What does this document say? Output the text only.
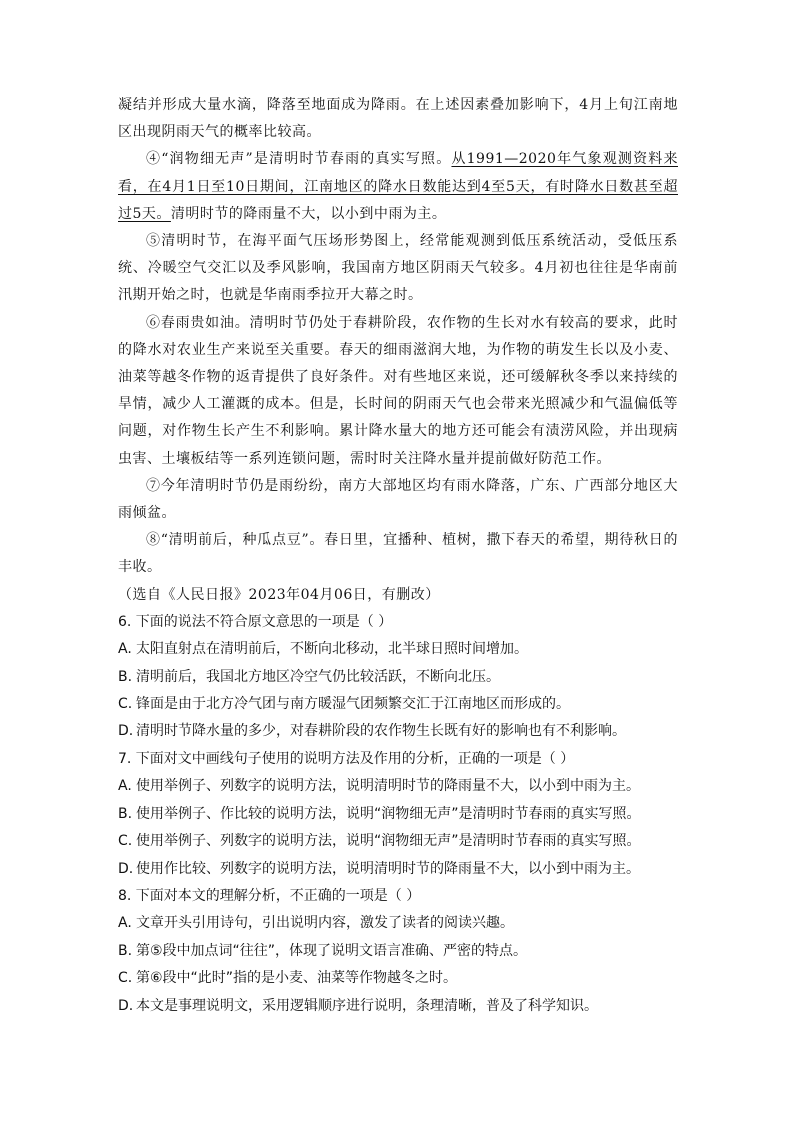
凝结并形成大量水滴，降落至地面成为降雨。在上述因素叠加影响下，4月上旬江南地区出现阴雨天气的概率比较高。

④“润物细无声”是清明时节春雨的真实写照。从1991—2020年气象观测资料来看，在4月1日至10日期间，江南地区的降水日数能达到4至5天，有时降水日数甚至超过5天。清明时节的降雨量不大，以小到中雨为主。

⑤清明时节，在海平面气压场形势图上，经常能观测到低压系统活动，受低压系统、冷暖空气交汇以及季风影响，我国南方地区阴雨天气较多。4月初也往往是华南前汛期开始之时，也就是华南雨季拉开大幕之时。

⑥春雨贵如油。清明时节仍处于春耕阶段，农作物的生长对水有较高的要求，此时的降水对农业生产来说至关重要。春天的细雨滋润大地，为作物的萌发生长以及小麦、油菜等越冬作物的返青提供了良好条件。对有些地区来说，还可缓解秋冬季以来持续的旱情，减少人工灌溉的成本。但是，长时间的阴雨天气也会带来光照减少和气温偏低等问题，对作物生长产生不利影响。累计降水量大的地方还可能会有渍涝风险，并出现病虫害、土壤板结等一系列连锁问题，需时时关注降水量并提前做好防范工作。

⑦今年清明时节仍是雨纷纷，南方大部地区均有雨水降落，广东、广西部分地区大雨倾盆。

⑧“清明前后，种瓜点豆”。春日里，宜播种、植树，撒下春天的希望，期待秋日的丰收。

（选自《人民日报》2023年04月06日，有删改）

6. 下面的说法不符合原文意思的一项是（ ）

A. 太阳直射点在清明前后，不断向北移动，北半球日照时间增加。

B. 清明前后，我国北方地区冷空气仍比较活跃，不断向北压。

C. 锋面是由于北方冷气团与南方暖湿气团频繁交汇于江南地区而形成的。

D. 清明时节降水量的多少，对春耕阶段的农作物生长既有好的影响也有不利影响。

7. 下面对文中画线句子使用的说明方法及作用的分析，正确的一项是（ ）

A. 使用举例子、列数字的说明方法，说明清明时节的降雨量不大，以小到中雨为主。

B. 使用举例子、作比较的说明方法，说明“润物细无声”是清明时节春雨的真实写照。

C. 使用举例子、列数字的说明方法，说明“润物细无声”是清明时节春雨的真实写照。

D. 使用作比较、列数字的说明方法，说明清明时节的降雨量不大，以小到中雨为主。

8. 下面对本文的理解分析，不正确的一项是（ ）

A. 文章开头引用诗句，引出说明内容，激发了读者的阅读兴趣。

B. 第⑤段中加点词“往往”，体现了说明文语言准确、严密的特点。

C. 第⑥段中“此时”指的是小麦、油菜等作物越冬之时。

D. 本文是事理说明文，采用逻辑顺序进行说明，条理清晰，普及了科学知识。
